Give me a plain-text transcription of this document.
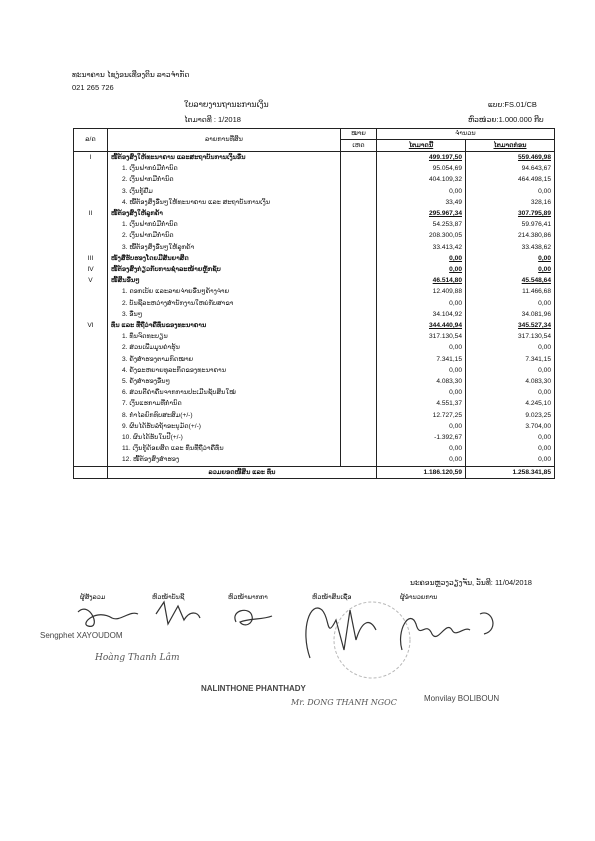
ທະນາຄານ ໄຊງ່ອນເທືອງຕິນ ລາວຈຳກັດ
021 265 726
ໃບລາຍງານຖານະການເງິນ	ແບບ:FS.01/CB
ໄຕມາດທີ : 1/2018	ຫົວໜ່ວຍ:1.000.000 ກີບ
ລ/ດ	ລາຍການທີ່ສິນ	ໝາຍ	ຈຳນວນ	
		ເຫດ	ໄຕມາດນີ້	ໄຕມາດກ່ອນ
I	ໜີ້ຕ້ອງສົ່ງໃຫ້ທະນາຄານ ແລະສະຖາບັນການເງິນອື່ນ		499.197,50	559.469,98
	1. ເງິນຝາກບໍ່ມີກຳນົດ		95.054,69	94.643,67
	2. ເງິນຝາກມີກຳນົດ		404.109,32	464.498,15
	3. ເງິນກູ້ຢືມ		0,00	0,00
	4. ໜີ້ຕ້ອງສົ່ງອື່ນໆໃຫ້ທະນາຄານ ແລະ ສະຖາບັນການເງິນ		33,49	328,16
II	ໜີ້ຕ້ອງສົ່ງໃຫ້ລູກຄ້າ		295.967,34	307.795,89
	1. ເງິນຝາກບໍ່ມີກຳນົດ		54.253,87	59.976,41
	2. ເງິນຝາກມີກຳນົດ		208.300,05	214.380,86
	3. ໜີ້ຕ້ອງສົ່ງອື່ນໆໃຫ້ລູກຄ້າ		33.413,42	33.438,62
III	ໜັງສືຮັບຮອງໂດຍມີສັນຍາສິດ		0,00	0,00
IV	ໜີ້ຕ້ອງສົ່ງກ່ຽວກັບການຊຳລະໜ້າຍຫຼັກຊັບ		0,00	0,00
V	ໜີ້ສິນອື່ນໆ		46.514,80	45.548,64
	1. ດອກເບ້ຍ ແລະລາຍຈ່າຍອື່ນໆຄ້າງຈ່າຍ		12.409,88	11.466,68
	2. ບັນຊີລະຫວ່າງສຳນັກງານໃຫຍ່ກັບສາຂາ		0,00	0,00
	3. ອື່ນໆ		34.104,92	34.081,96
VI	ທຶນ ແລະ ທີ່ຖືວ່າຄືທຶນຂອງທະນາຄານ		344.440,94	345.527,34
	1. ທຶນຈົດທະບຽນ		317.130,54	317.130,54
	2. ສ່ວນເພີ່ມມູນຄ່າຮຸ້ນ		0,00	0,00
	3. ຄັງສຳຮອງຕາມກົດໝາຍ		7.341,15	7.341,15
	4. ຄັງຂະຫຍາຍທຸລະກິດຂອງທະນາຄານ		0,00	0,00
	5. ຄັງສຳຮອງອື່ນໆ		4.083,30	4.083,30
	6. ສ່ວນຕີຄ່າຄືນຈາກການປະເມີນຊັບສິນໃໝ່		0,00	0,00
	7. ເງິນແຮກາມທີ່ກຳນົດ		4.551,37	4.245,10
	8. ກຳໄລຍົກທົບສະສົມ(+/-)		12.727,25	9.023,25
	9. ຜົນໄດ້ຮັບລໍຖ້າອະນຸມັດ(+/-)		0,00	3.704,00
	10. ຜົນໄດ້ຮັບໃນປີ(+/-)		-1.392,67	0,00
	11. ເງິນກູ້ດ້ອຍສິດ ແລະ ທຶນທີ່ຖືວ່າຄືທຶນ		0,00	0,00
	12. ໜີ້ຕ້ອງສົ່ງສຳຮອງ		0,00	0,00
	ລວມຍອດໜີ້ສິນ ແລະ ທຶນ		1.186.120,59	1.258.341,85
ນະຄອນຫຼວງວຽງຈັນ, ວັນທີ: 11/04/2018
ຜູ້ສັງລວມ	ຫົວໜ້າບັນຊີ	ຫົວໜ້າພາກກາ	ຫົວໜ້າສິນເຊື່ອ	ຜູ້ອຳນວຍການ
Sengphet XAYOUDOM
Hoàng Thanh Lâm
NALINTHONE PHANTHADY
Mr. DONG THANH NGOC	Monvilay BOLIBOUN
